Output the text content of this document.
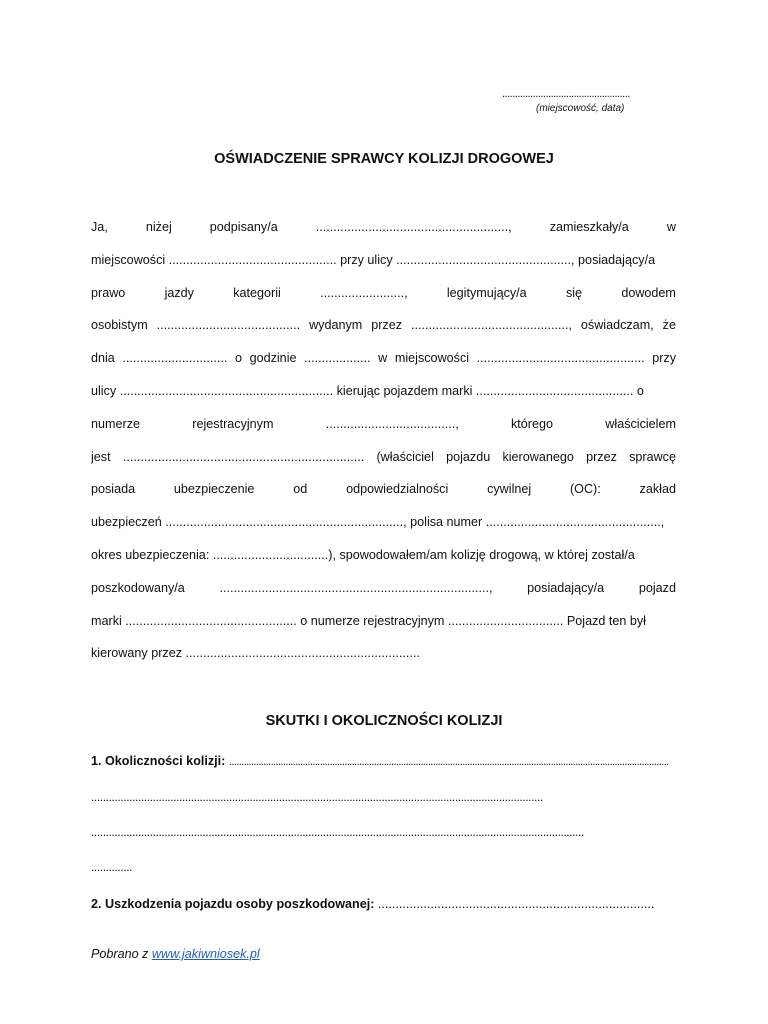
..................................................
(miejscowość, data)
OŚWIADCZENIE SPRAWCY KOLIZJI DROGOWEJ
Ja,	niżej	podpisany/a	.......................................................,	zamieszkały/a	w
miejscowości ................................................ przy ulicy .................................................., posiadający/a
prawo	jazdy	kategorii	........................,	legitymujący/a	się	dowodem
osobistym ......................................... wydanym przez ............................................., oświadczam, że
dnia .............................. o godzinie ................... w miejscowości ................................................ przy
ulicy ............................................................. kierując pojazdem marki ............................................. o
numerze	rejestracyjnym	.....................................,	którego	właścicielem
jest ..................................................................... (właściciel pojazdu kierowanego przez sprawcę
posiada	ubezpieczenie	od	odpowiedzialności	cywilnej	(OC):	zakład
ubezpieczeń ...................................................................., polisa numer ..................................................,
okres ubezpieczenia: .................................), spowodowałem/am kolizję drogową, w której został/a
poszkodowany/a	.............................................................................,	posiadający/a	pojazd
marki ................................................. o numerze rejestracyjnym ................................. Pojazd ten był
kierowany przez ...................................................................
SKUTKI I OKOLICZNOŚCI KOLIZJI
1. Okoliczności kolizji: ...................................................................................................................................................................................
..........................................................................................................................................................
........................................................................................................................................................................
..............
2. Uszkodzenia pojazdu osoby poszkodowanej: ...............................................................................
Pobrano z www.jakiwniosek.pl
